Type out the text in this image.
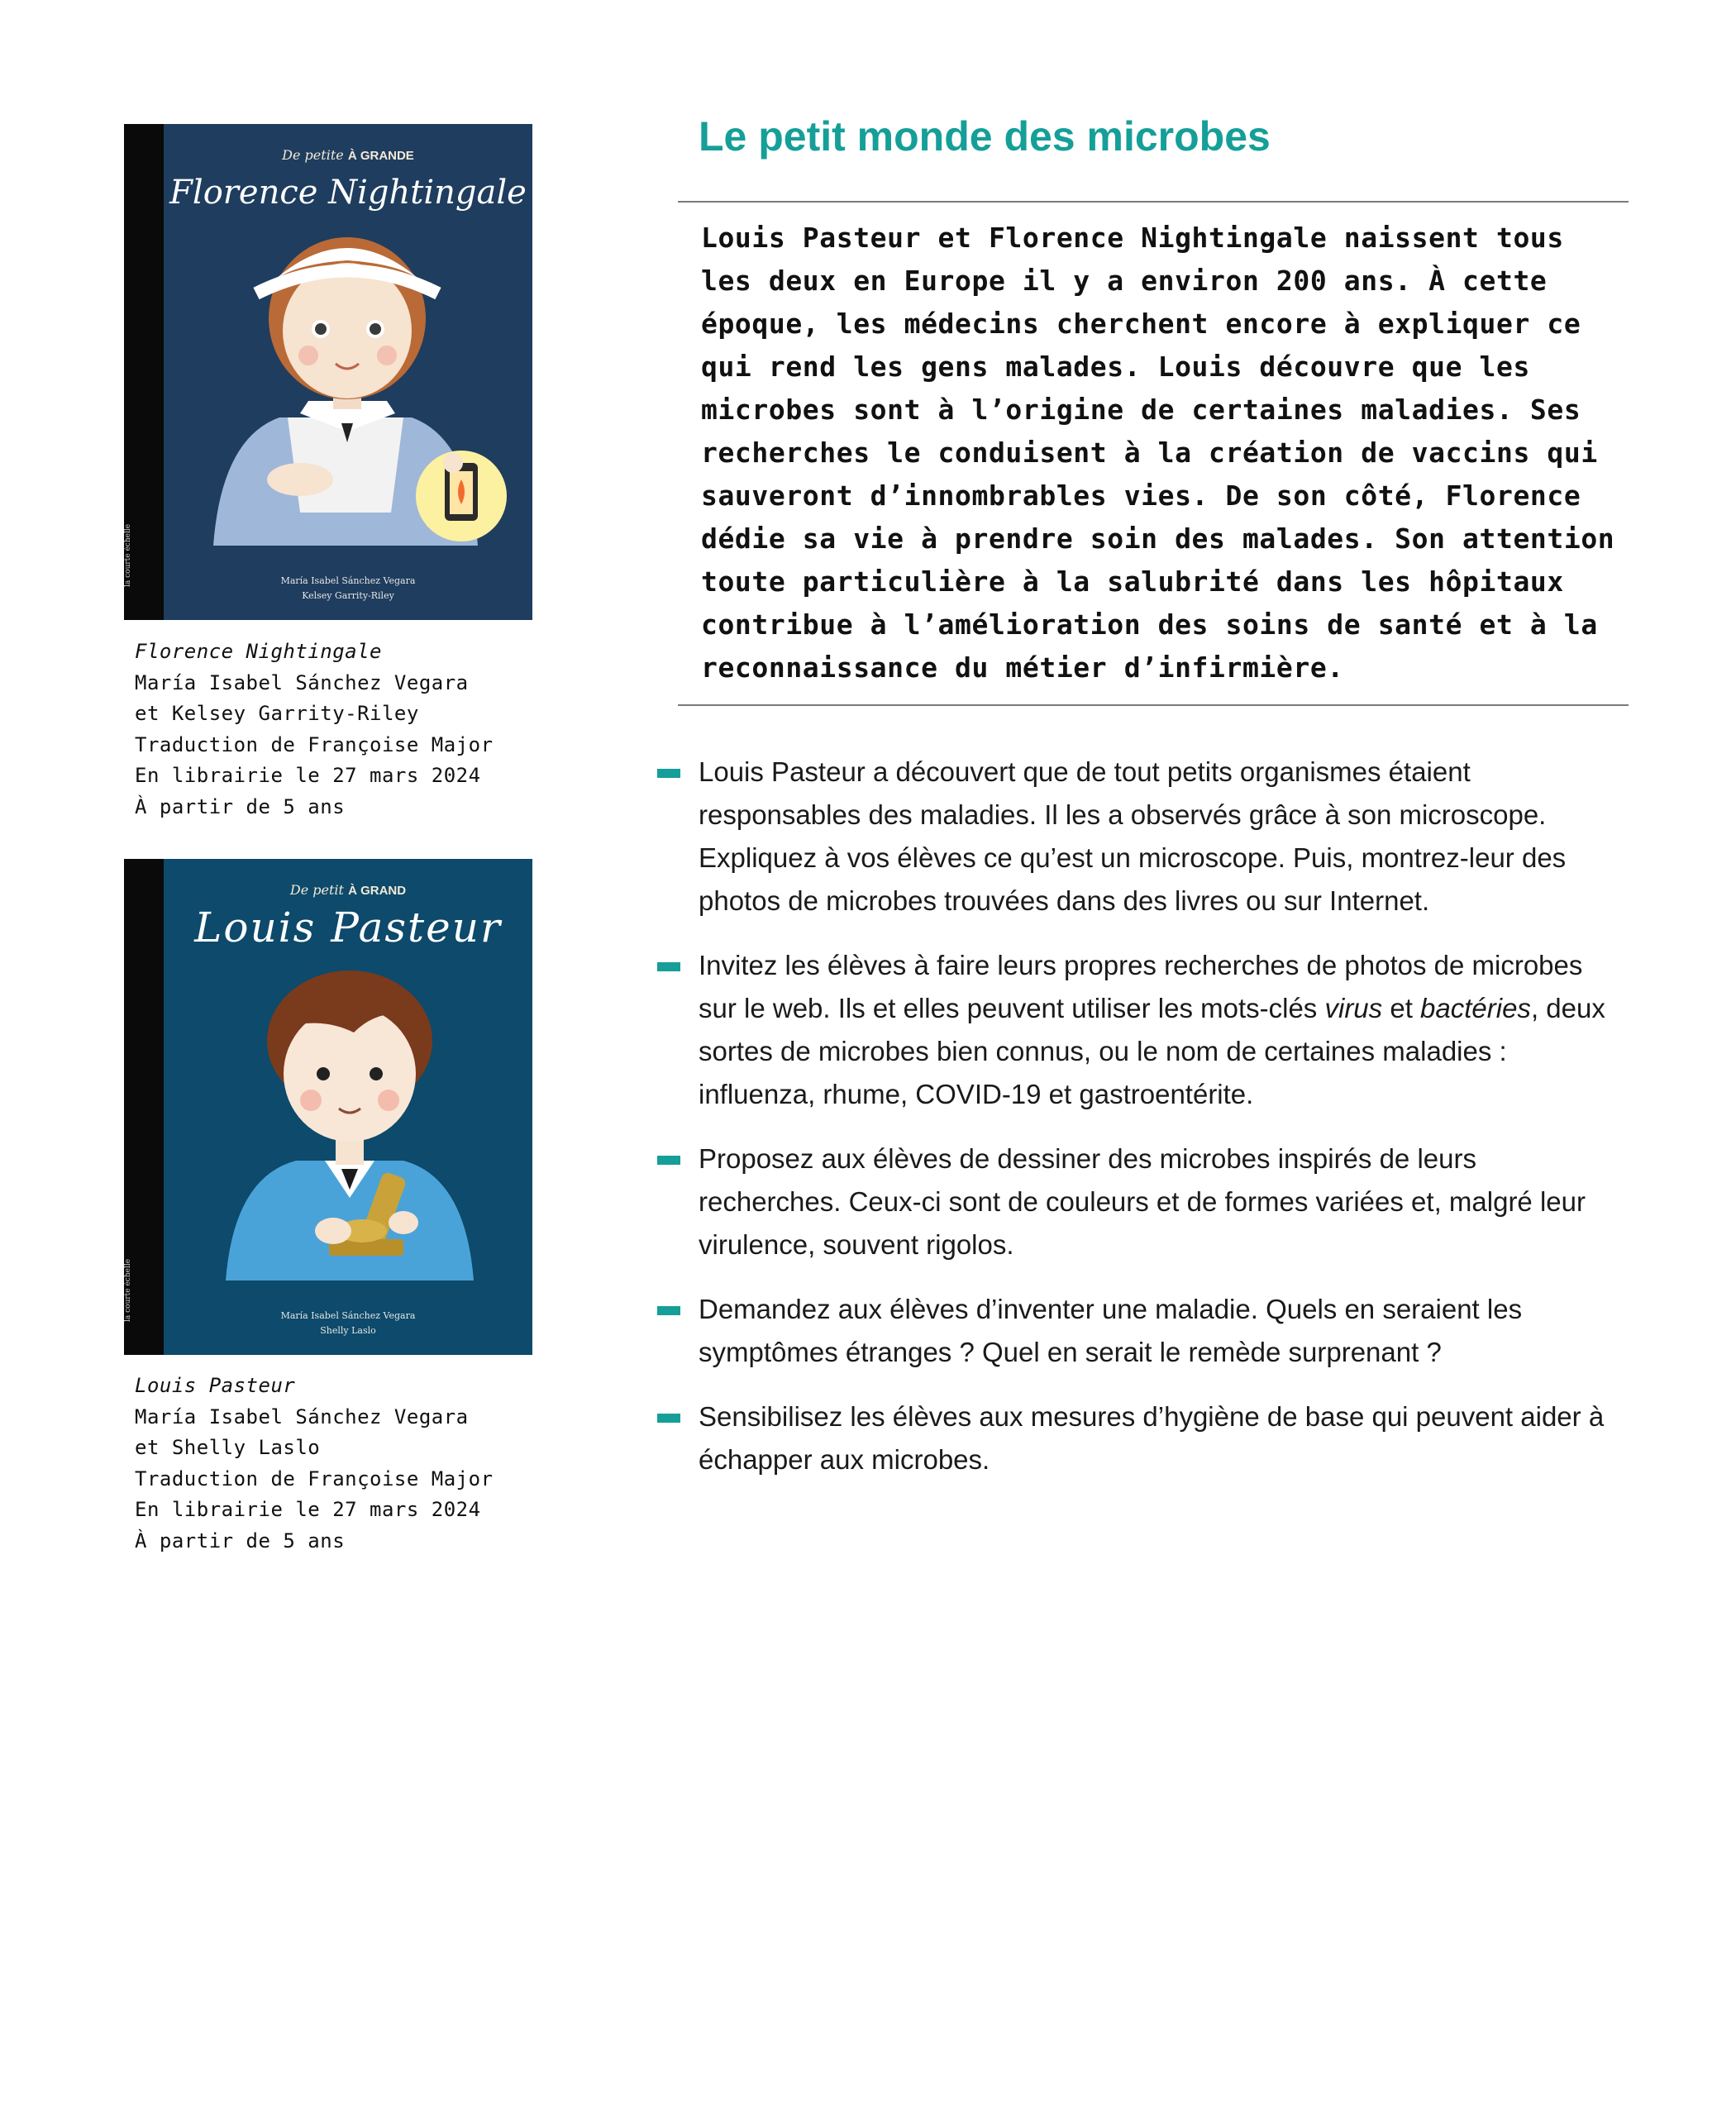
la courte échelle
De petite À GRANDE
Florence Nightingale
María Isabel Sánchez Vegara
Kelsey Garrity-Riley
Florence Nightingale
María Isabel Sánchez Vegara
et Kelsey Garrity-Riley
Traduction de Françoise Major
En librairie le 27 mars 2024
À partir de 5 ans
la courte échelle
De petit À GRAND
Louis Pasteur
María Isabel Sánchez Vegara
Shelly Laslo
Louis Pasteur
María Isabel Sánchez Vegara
et Shelly Laslo
Traduction de Françoise Major
En librairie le 27 mars 2024
À partir de 5 ans
Le petit monde des microbes

Louis Pasteur et Florence Nightingale naissent tous les deux en Europe il y a environ 200 ans. À cette époque, les médecins cherchent encore à expliquer ce qui rend les gens malades. Louis découvre que les microbes sont à l’origine de certaines maladies. Ses recherches le conduisent à la création de vaccins qui sauveront d’innombrables vies. De son côté, Florence dédie sa vie à prendre soin des malades. Son attention toute particulière à la salubrité dans les hôpitaux contribue à l’amélioration des soins de santé et à la reconnaissance du métier d’infirmière.

Louis Pasteur a découvert que de tout petits organismes étaient responsables des maladies. Il les a observés grâce à son microscope. Expliquez à vos élèves ce qu’est un microscope. Puis, montrez-leur des photos de microbes trouvées dans des livres ou sur Internet.
Invitez les élèves à faire leurs propres recherches de photos de microbes sur le web. Ils et elles peuvent utiliser les mots-clés virus et bactéries, deux sortes de microbes bien connus, ou le nom de certaines maladies : influenza, rhume, COVID-19 et gastroentérite.
Proposez aux élèves de dessiner des microbes inspirés de leurs recherches. Ceux-ci sont de couleurs et de formes variées et, malgré leur virulence, souvent rigolos.
Demandez aux élèves d’inventer une maladie. Quels en seraient les symptômes étranges ? Quel en serait le remède surprenant ?
Sensibilisez les élèves aux mesures d’hygiène de base qui peuvent aider à échapper aux microbes.
